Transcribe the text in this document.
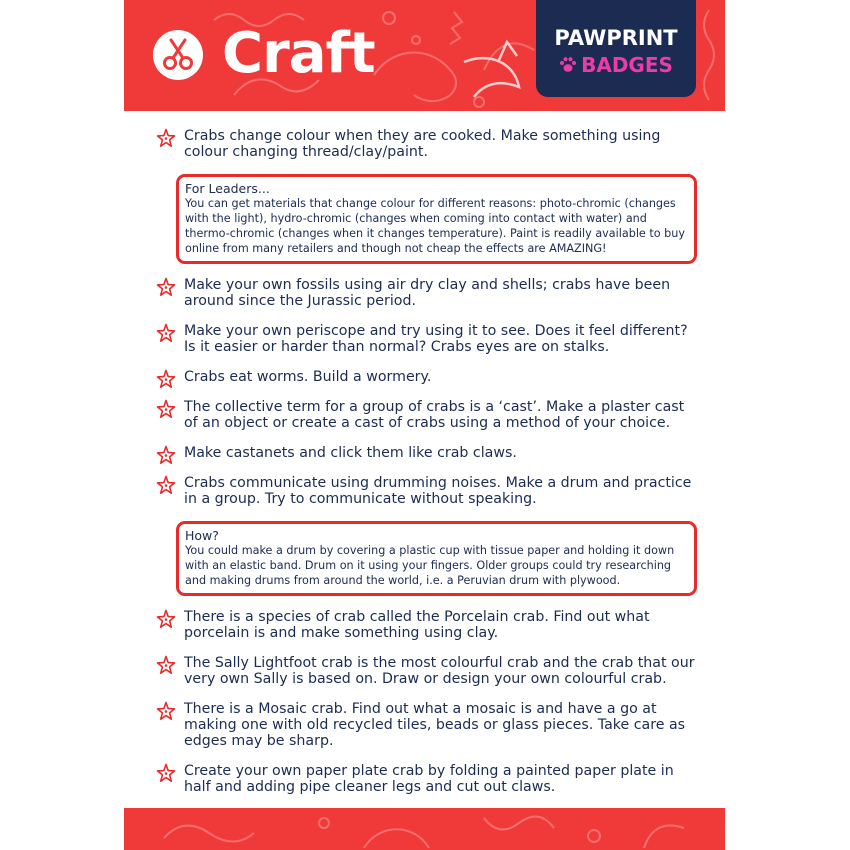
Craft	PAWPRINT
BADGES
Crabs change colour when they are cooked. Make something using colour changing thread/clay/paint.
For Leaders...
You can get materials that change colour for different reasons: photo-chromic (changes with the light), hydro-chromic (changes when coming into contact with water) and thermo-chromic (changes when it changes temperature). Paint is readily available to buy online from many retailers and though not cheap the effects are AMAZING!
Make your own fossils using air dry clay and shells; crabs have been around since the Jurassic period.
Make your own periscope and try using it to see. Does it feel different? Is it easier or harder than normal? Crabs eyes are on stalks.
Crabs eat worms. Build a wormery.
The collective term for a group of crabs is a ‘cast’. Make a plaster cast of an object or create a cast of crabs using a method of your choice.
Make castanets and click them like crab claws.
Crabs communicate using drumming noises. Make a drum and practice in a group. Try to communicate without speaking.
How?
You could make a drum by covering a plastic cup with tissue paper and holding it down with an elastic band. Drum on it using your fingers. Older groups could try researching and making drums from around the world, i.e. a Peruvian drum with plywood.
There is a species of crab called the Porcelain crab. Find out what porcelain is and make something using clay.
The Sally Lightfoot crab is the most colourful crab and the crab that our very own Sally is based on. Draw or design your own colourful crab.
There is a Mosaic crab. Find out what a mosaic is and have a go at making one with old recycled tiles, beads or glass pieces. Take care as edges may be sharp.
Create your own paper plate crab by folding a painted paper plate in half and adding pipe cleaner legs and cut out claws.
